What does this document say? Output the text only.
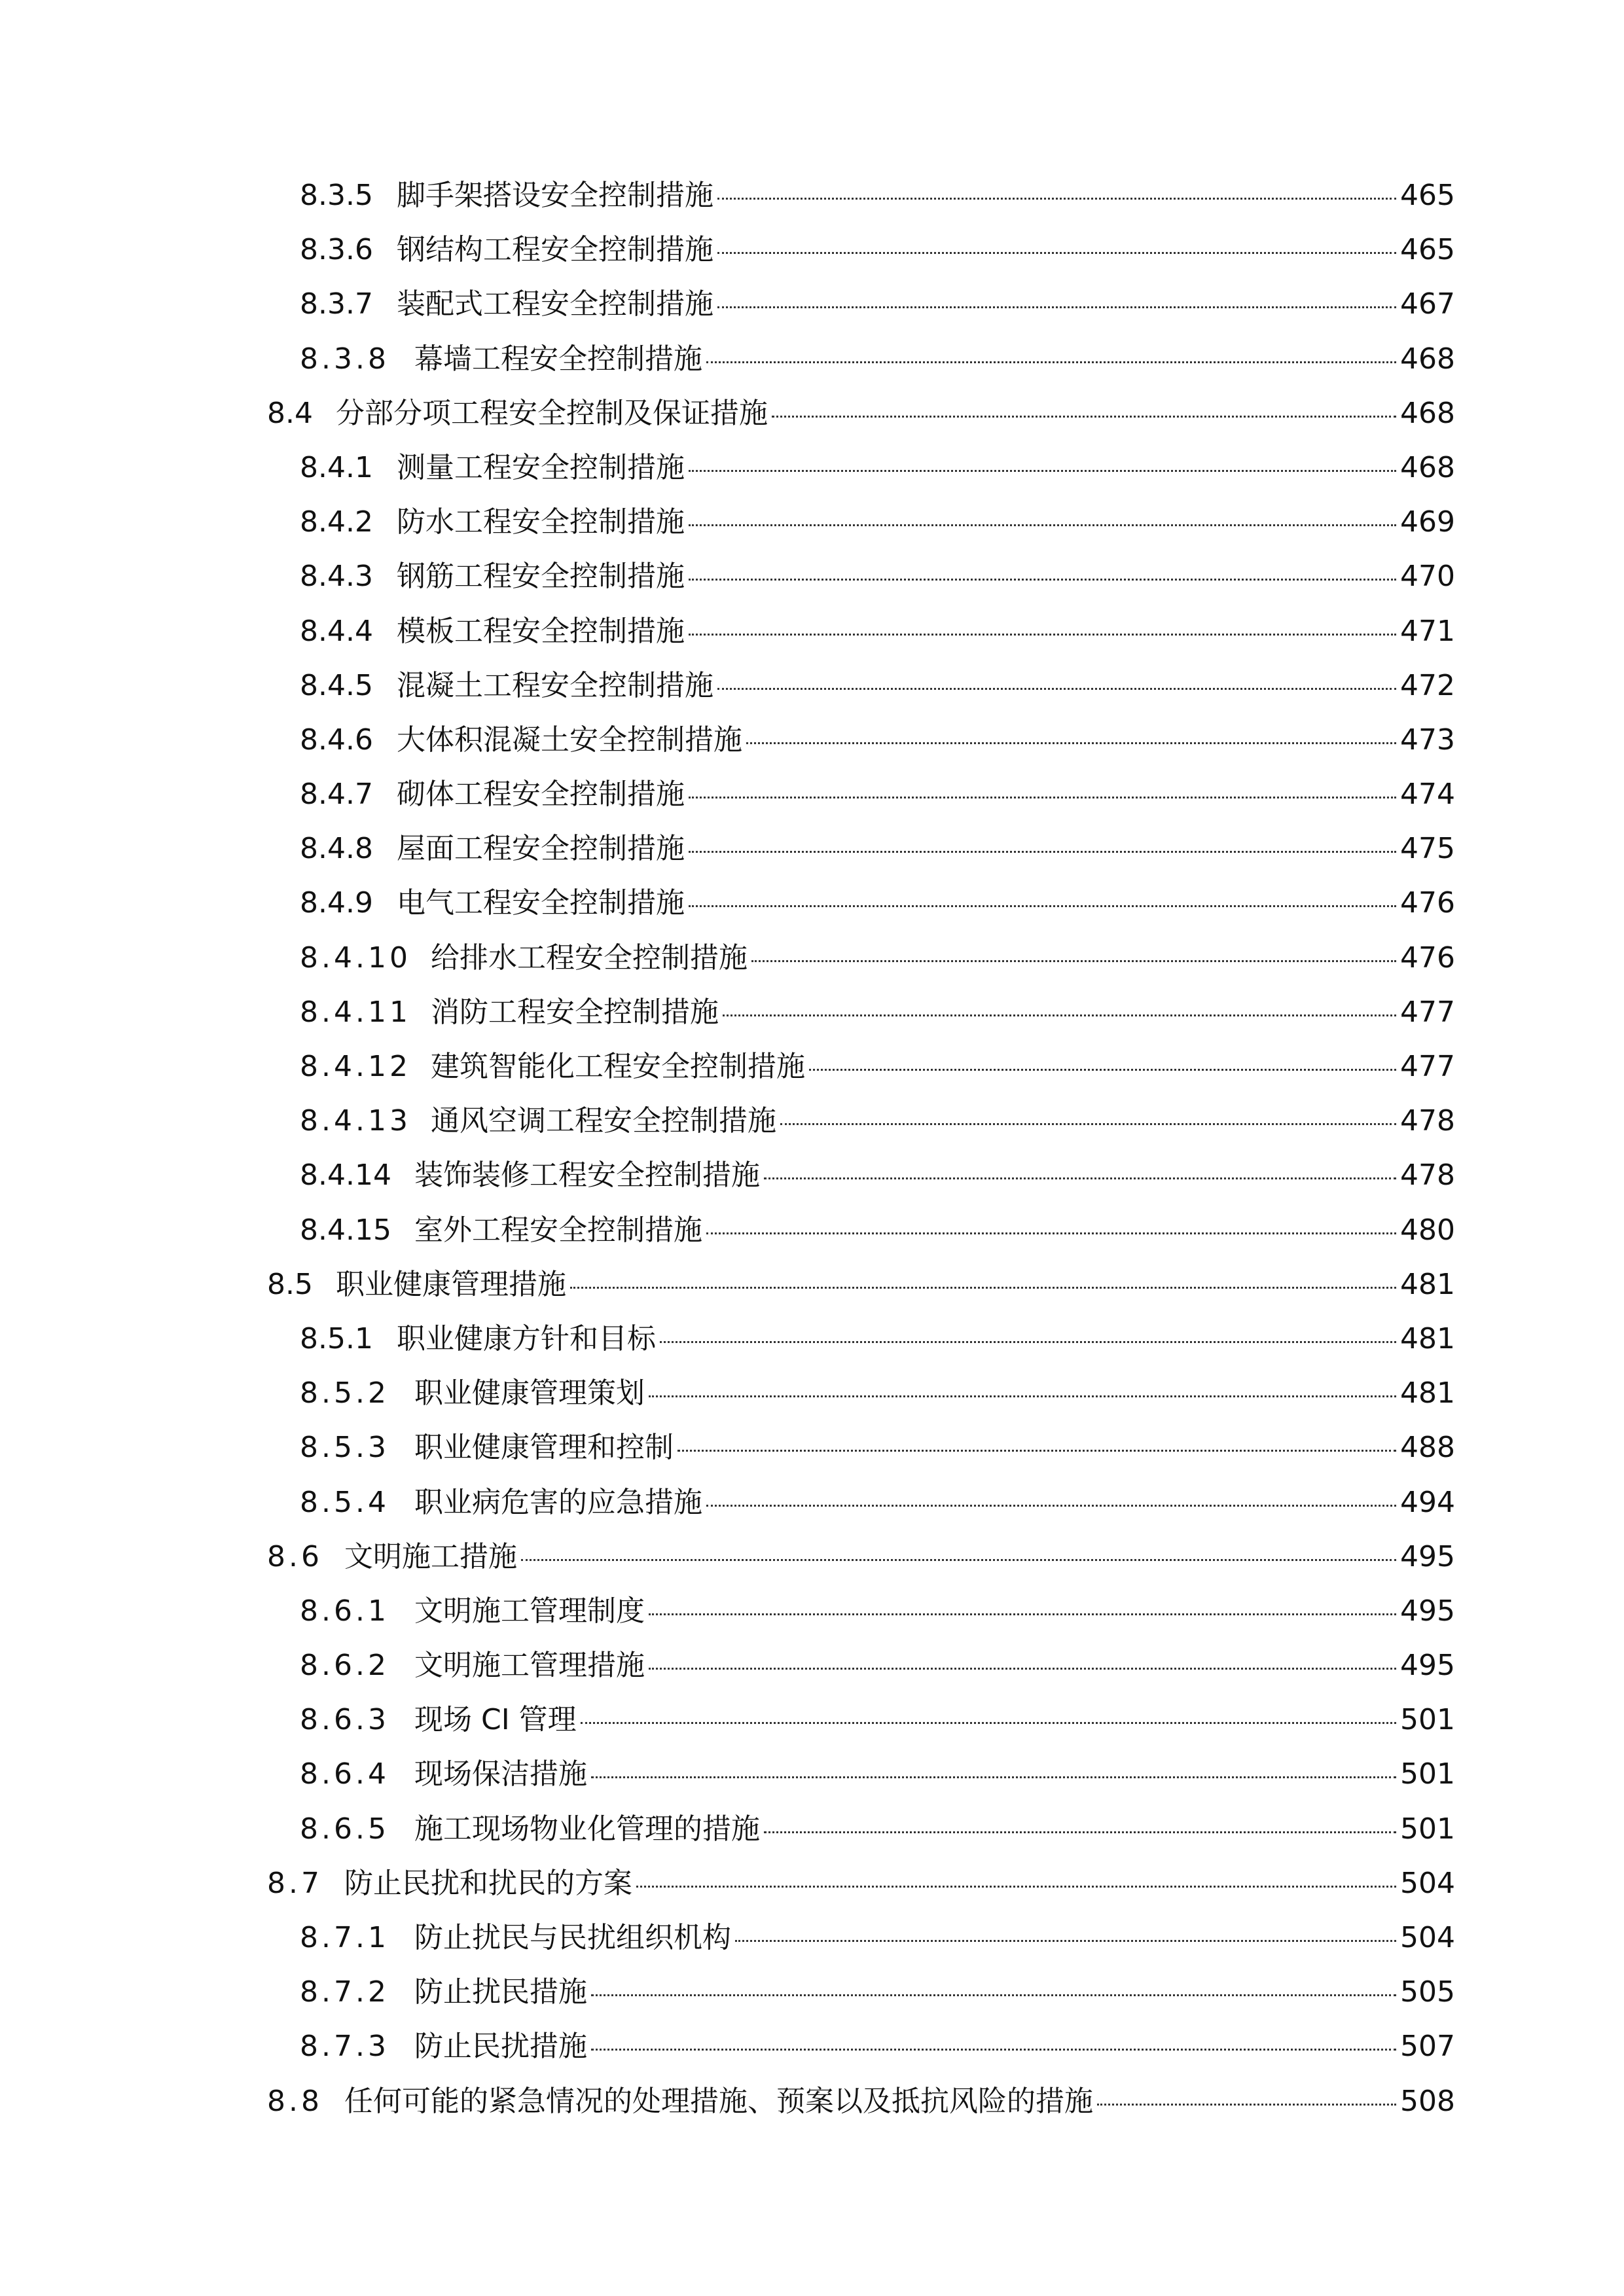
8.3.5 脚手架搭设安全控制措施	465
8.3.6 钢结构工程安全控制措施	465
8.3.7 装配式工程安全控制措施	467
8.3.8 幕墙工程安全控制措施	468
8.4 分部分项工程安全控制及保证措施	468
8.4.1 测量工程安全控制措施	468
8.4.2 防水工程安全控制措施	469
8.4.3 钢筋工程安全控制措施	470
8.4.4 模板工程安全控制措施	471
8.4.5 混凝土工程安全控制措施	472
8.4.6 大体积混凝土安全控制措施	473
8.4.7 砌体工程安全控制措施	474
8.4.8 屋面工程安全控制措施	475
8.4.9 电气工程安全控制措施	476
8.4.10 给排水工程安全控制措施	476
8.4.11 消防工程安全控制措施	477
8.4.12 建筑智能化工程安全控制措施	477
8.4.13 通风空调工程安全控制措施	478
8.4.14 装饰装修工程安全控制措施	478
8.4.15 室外工程安全控制措施	480
8.5 职业健康管理措施	481
8.5.1 职业健康方针和目标	481
8.5.2 职业健康管理策划	481
8.5.3 职业健康管理和控制	488
8.5.4 职业病危害的应急措施	494
8.6 文明施工措施	495
8.6.1 文明施工管理制度	495
8.6.2 文明施工管理措施	495
8.6.3 现场 CI 管理	501
8.6.4 现场保洁措施	501
8.6.5 施工现场物业化管理的措施	501
8.7 防止民扰和扰民的方案	504
8.7.1 防止扰民与民扰组织机构	504
8.7.2 防止扰民措施	505
8.7.3 防止民扰措施	507
8.8 任何可能的紧急情况的处理措施、预案以及抵抗风险的措施	508
